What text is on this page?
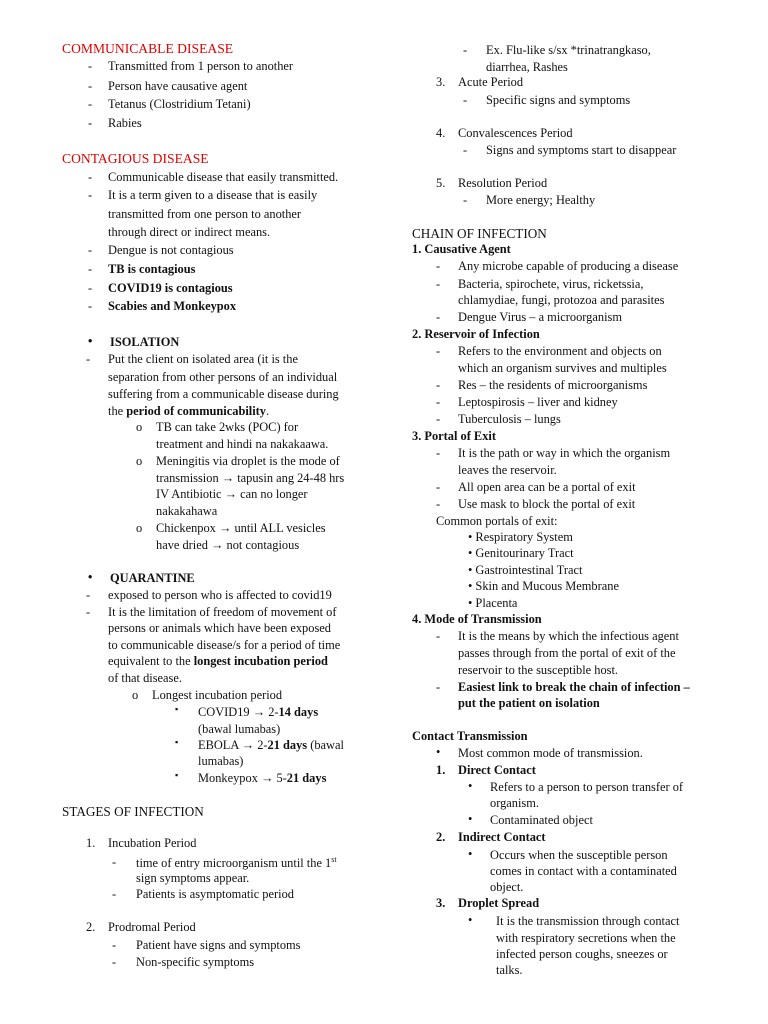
COMMUNICABLE DISEASE
- Transmitted from 1 person to another
- Person have causative agent
- Tetanus (Clostridium Tetani)
- Rabies
CONTAGIOUS DISEASE
- Communicable disease that easily transmitted.
- It is a term given to a disease that is easily
transmitted from one person to another
through direct or indirect means.
- Dengue is not contagious
- TB is contagious
- COVID19 is contagious
- Scabies and Monkeypox
• ISOLATION
- Put the client on isolated area (it is the
separation from other persons of an individual
suffering from a communicable disease during
the period of communicability.
o TB can take 2wks (POC) for
treatment and hindi na nakakaawa.
o Meningitis via droplet is the mode of
transmission → tapusin ang 24-48 hrs
IV Antibiotic → can no longer
nakakahawa
o Chickenpox → until ALL vesicles
have dried → not contagious
• QUARANTINE
- exposed to person who is affected to covid19
- It is the limitation of freedom of movement of
persons or animals which have been exposed
to communicable disease/s for a period of time
equivalent to the longest incubation period
of that disease.
o Longest incubation period
▪ COVID19 → 2-14 days
(bawal lumabas)
▪ EBOLA → 2-21 days (bawal
lumabas)
▪ Monkeypox → 5-21 days
STAGES OF INFECTION
1. Incubation Period
- time of entry microorganism until the 1st
sign symptoms appear.
- Patients is asymptomatic period
2. Prodromal Period
- Patient have signs and symptoms
- Non-specific symptoms
- Ex. Flu-like s/sx *trinatrangkaso,
diarrhea, Rashes
3. Acute Period
- Specific signs and symptoms
4. Convalescences Period
- Signs and symptoms start to disappear
5. Resolution Period
- More energy; Healthy
CHAIN OF INFECTION
1. Causative Agent
- Any microbe capable of producing a disease
- Bacteria, spirochete, virus, ricketssia,
chlamydiae, fungi, protozoa and parasites
- Dengue Virus – a microorganism
2. Reservoir of Infection
- Refers to the environment and objects on
which an organism survives and multiples
- Res – the residents of microorganisms
- Leptospirosis – liver and kidney
- Tuberculosis – lungs
3. Portal of Exit
- It is the path or way in which the organism
leaves the reservoir.
- All open area can be a portal of exit
- Use mask to block the portal of exit
Common portals of exit:
• Respiratory System
• Genitourinary Tract
• Gastrointestinal Tract
• Skin and Mucous Membrane
• Placenta
4. Mode of Transmission
- It is the means by which the infectious agent
passes through from the portal of exit of the
reservoir to the susceptible host.
- Easiest link to break the chain of infection –
put the patient on isolation
Contact Transmission
• Most common mode of transmission.
1. Direct Contact
• Refers to a person to person transfer of
organism.
• Contaminated object
2. Indirect Contact
• Occurs when the susceptible person
comes in contact with a contaminated
object.
3. Droplet Spread
• It is the transmission through contact
with respiratory secretions when the
infected person coughs, sneezes or
talks.
